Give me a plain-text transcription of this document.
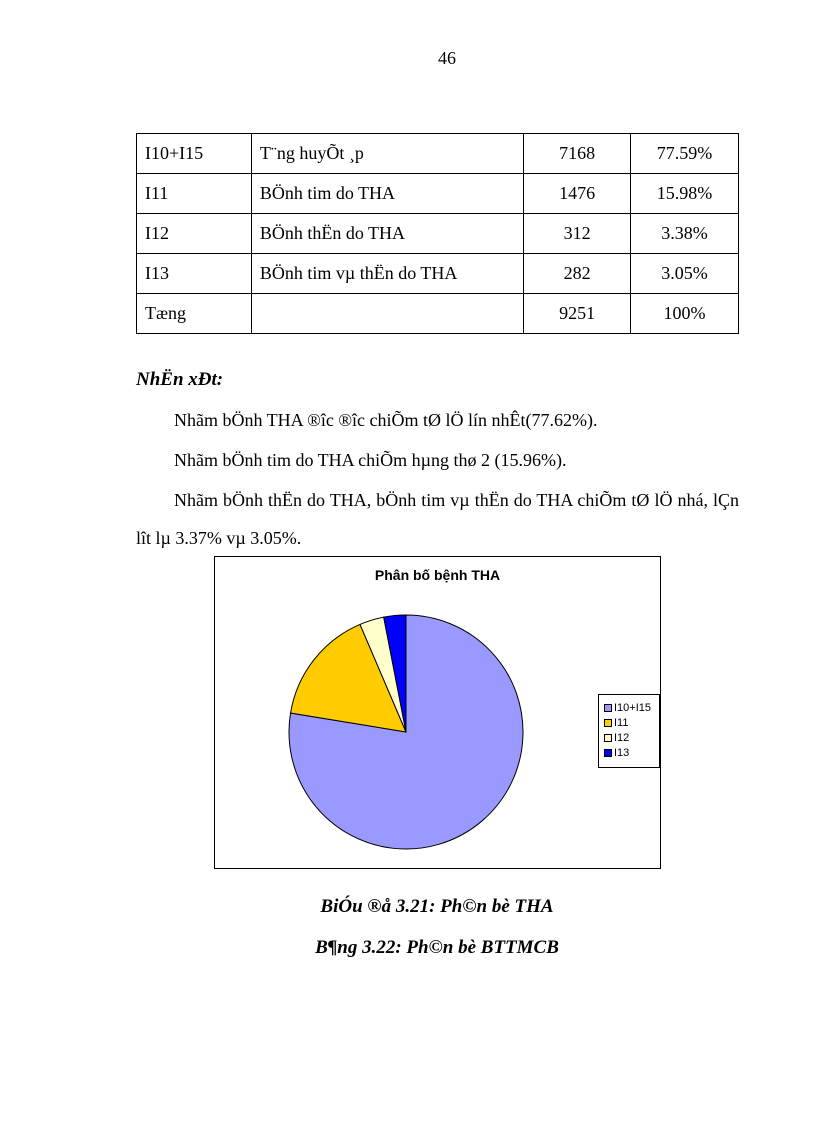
46
I10+I15	T¨ng huyÕt ¸p	7168	77.59%
I11	BÖnh tim do THA	1476	15.98%
I12	BÖnh thËn do THA	312	3.38%
I13	BÖnh tim vµ thËn do THA	282	3.05%
Tæng		9251	100%
NhËn xÐt:
Nhãm bÖnh THA ®îc ®îc chiÕm tØ lÖ lín nhÊt(77.62%).
Nhãm bÖnh tim do THA chiÕm hµng thø 2 (15.96%).
Nhãm bÖnh thËn do THA, bÖnh tim vµ thËn do THA chiÕm tØ lÖ nhá, lÇn lît lµ 3.37% vµ 3.05%.
Phân bố bệnh THA
I10+I15
I11
I12
I13
BiÓu ®å 3.21: Ph©n bè THA
B¶ng 3.22: Ph©n bè BTTMCB
